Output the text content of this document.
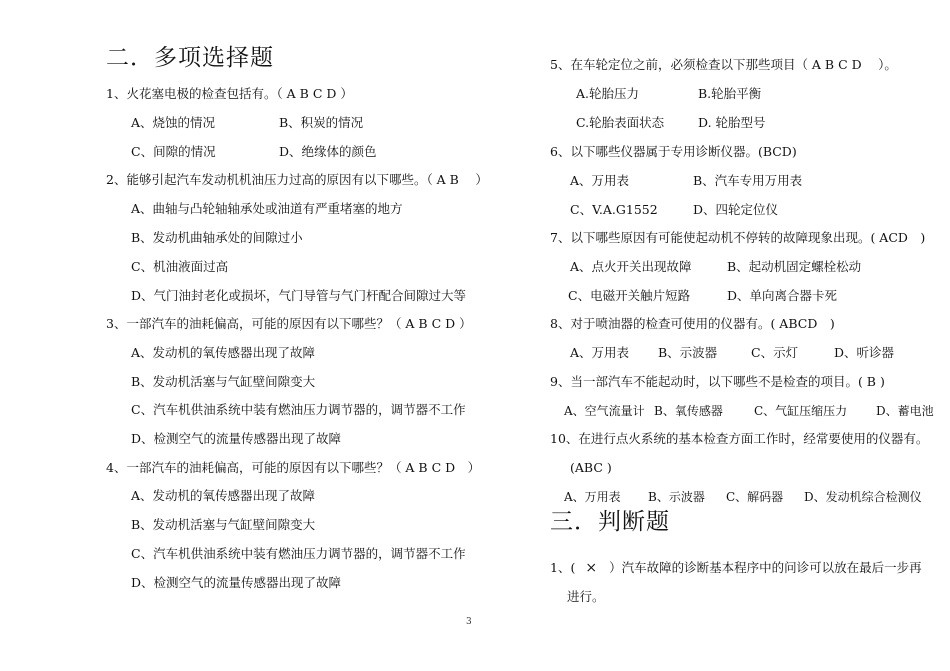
二．多项选择题
1、火花塞电极的检查包括有。（ A B C D ）
A、烧蚀的情况	B、积炭的情况
C、间隙的情况	D、绝缘体的颜色
2、能够引起汽车发动机机油压力过高的原因有以下哪些。（ A B　 ）
A、曲轴与凸轮轴轴承处或油道有严重堵塞的地方
B、发动机曲轴承处的间隙过小
C、机油液面过高
D、气门油封老化或损坏，气门导管与气门杆配合间隙过大等
3、一部汽车的油耗偏高，可能的原因有以下哪些？（ A B C D ）
A、发动机的氧传感器出现了故障
B、发动机活塞与气缸壁间隙变大
C、汽车机供油系统中装有燃油压力调节器的，调节器不工作
D、检测空气的流量传感器出现了故障
4、一部汽车的油耗偏高，可能的原因有以下哪些？（ A B C D　）
A、发动机的氧传感器出现了故障
B、发动机活塞与气缸壁间隙变大
C、汽车机供油系统中装有燃油压力调节器的，调节器不工作
D、检测空气的流量传感器出现了故障
5、在车轮定位之前，必须检查以下那些项目（ A B C D　 ）。
A.轮胎压力	B.轮胎平衡
C.轮胎表面状态	D. 轮胎型号
6、以下哪些仪器属于专用诊断仪器。(BCD)
A、万用表	B、汽车专用万用表
C、V.A.G1552	D、四轮定位仪
7、以下哪些原因有可能使起动机不停转的故障现象出现。( ACD　)
A、点火开关出现故障	B、起动机固定螺栓松动
C、电磁开关触片短路	D、单向离合器卡死
8、对于喷油器的检查可使用的仪器有。( ABCD　)
A、万用表 B、示波器	C、示灯	D、听诊器
9、当一部汽车不能起动时，以下哪些不是检查的项目。( B )
A、空气流量计 B、氧传感器	C、气缸压缩压力 D、蓄电池
10、在进行点火系统的基本检查方面工作时，经常要使用的仪器有。
(ABC )
A、万用表 B、示波器 C、解码器 D、发动机综合检测仪
三．判断题
1、( × ）汽车故障的诊断基本程序中的问诊可以放在最后一步再
进行。
3
